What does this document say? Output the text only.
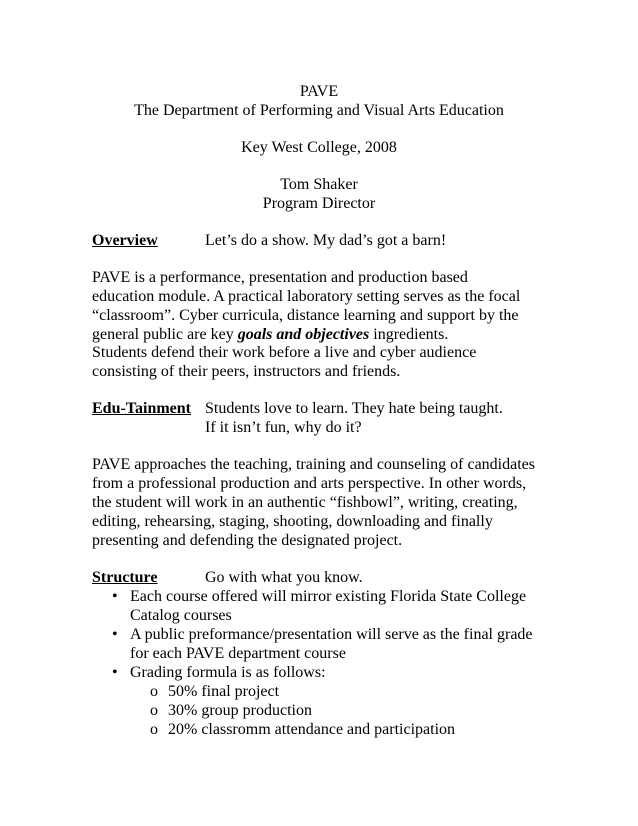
PAVE
The Department of Performing and Visual Arts Education
Key West College, 2008
Tom Shaker
Program Director
Overview	Let’s do a show. My dad’s got a barn!
PAVE is a performance, presentation and production based
education module. A practical laboratory setting serves as the focal
“classroom”. Cyber curricula, distance learning and support by the
general public are key goals and objectives ingredients.
Students defend their work before a live and cyber audience
consisting of their peers, instructors and friends.
Edu-Tainment Students love to learn. They hate being taught.
If it isn’t fun, why do it?
PAVE approaches the teaching, training and counseling of candidates
from a professional production and arts perspective. In other words,
the student will work in an authentic “fishbowl”, writing, creating,
editing, rehearsing, staging, shooting, downloading and finally
presenting and defending the designated project.
Structure	Go with what you know.
• Each course offered will mirror existing Florida State College
Catalog courses
• A public preformance/presentation will serve as the final grade
for each PAVE department course
• Grading formula is as follows:
o 50% final project
o 30% group production
o 20% classromm attendance and participation
